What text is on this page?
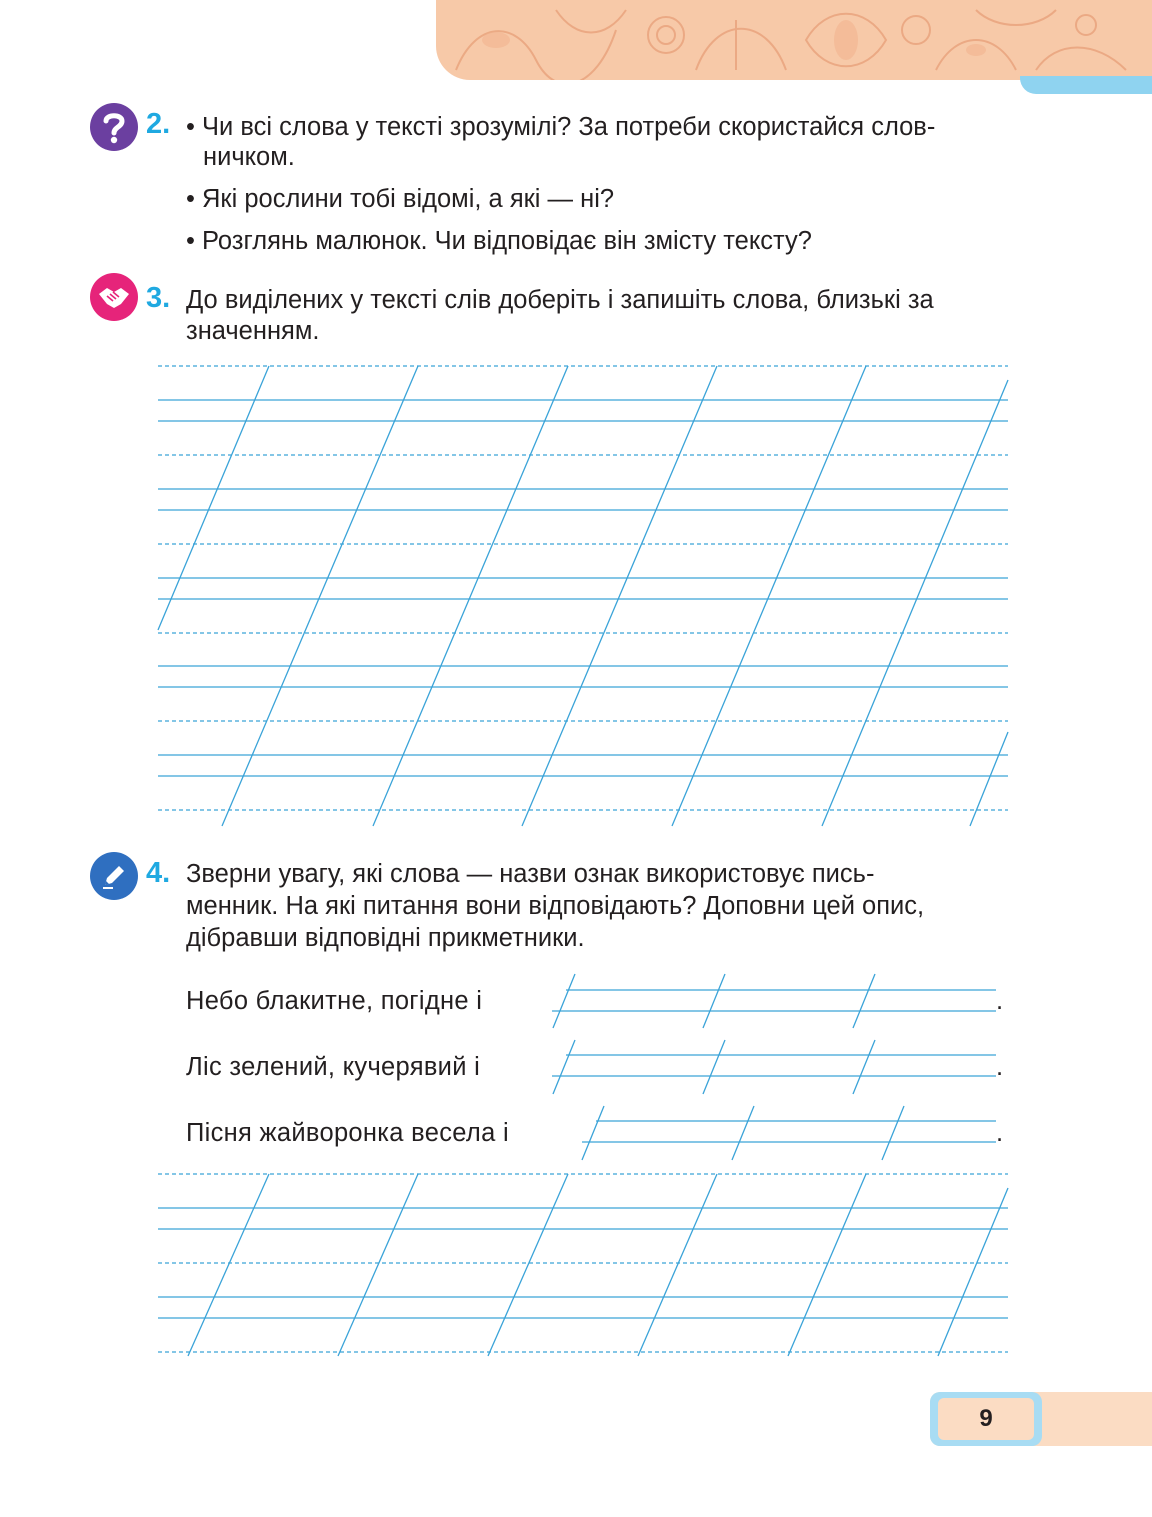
2. • Чи всі слова у тексті зрозумілі? За потреби скористайся слов-
ничком.
• Які рослини тобі відомі, а які — ні?
• Розглянь малюнок. Чи відповідає він змісту тексту?
3. До виділених у тексті слів доберіть і запишіть слова, близькі за
значенням.
4. Зверни увагу, які слова — назви ознак використовує пись-
менник. На які питання вони відповідають? Доповни цей опис,
дібравши відповідні прикметники.
Небо блакитне, погідне і
Ліс зелений, кучерявий і
Пісня жайворонка весела і
.
.
.
9
